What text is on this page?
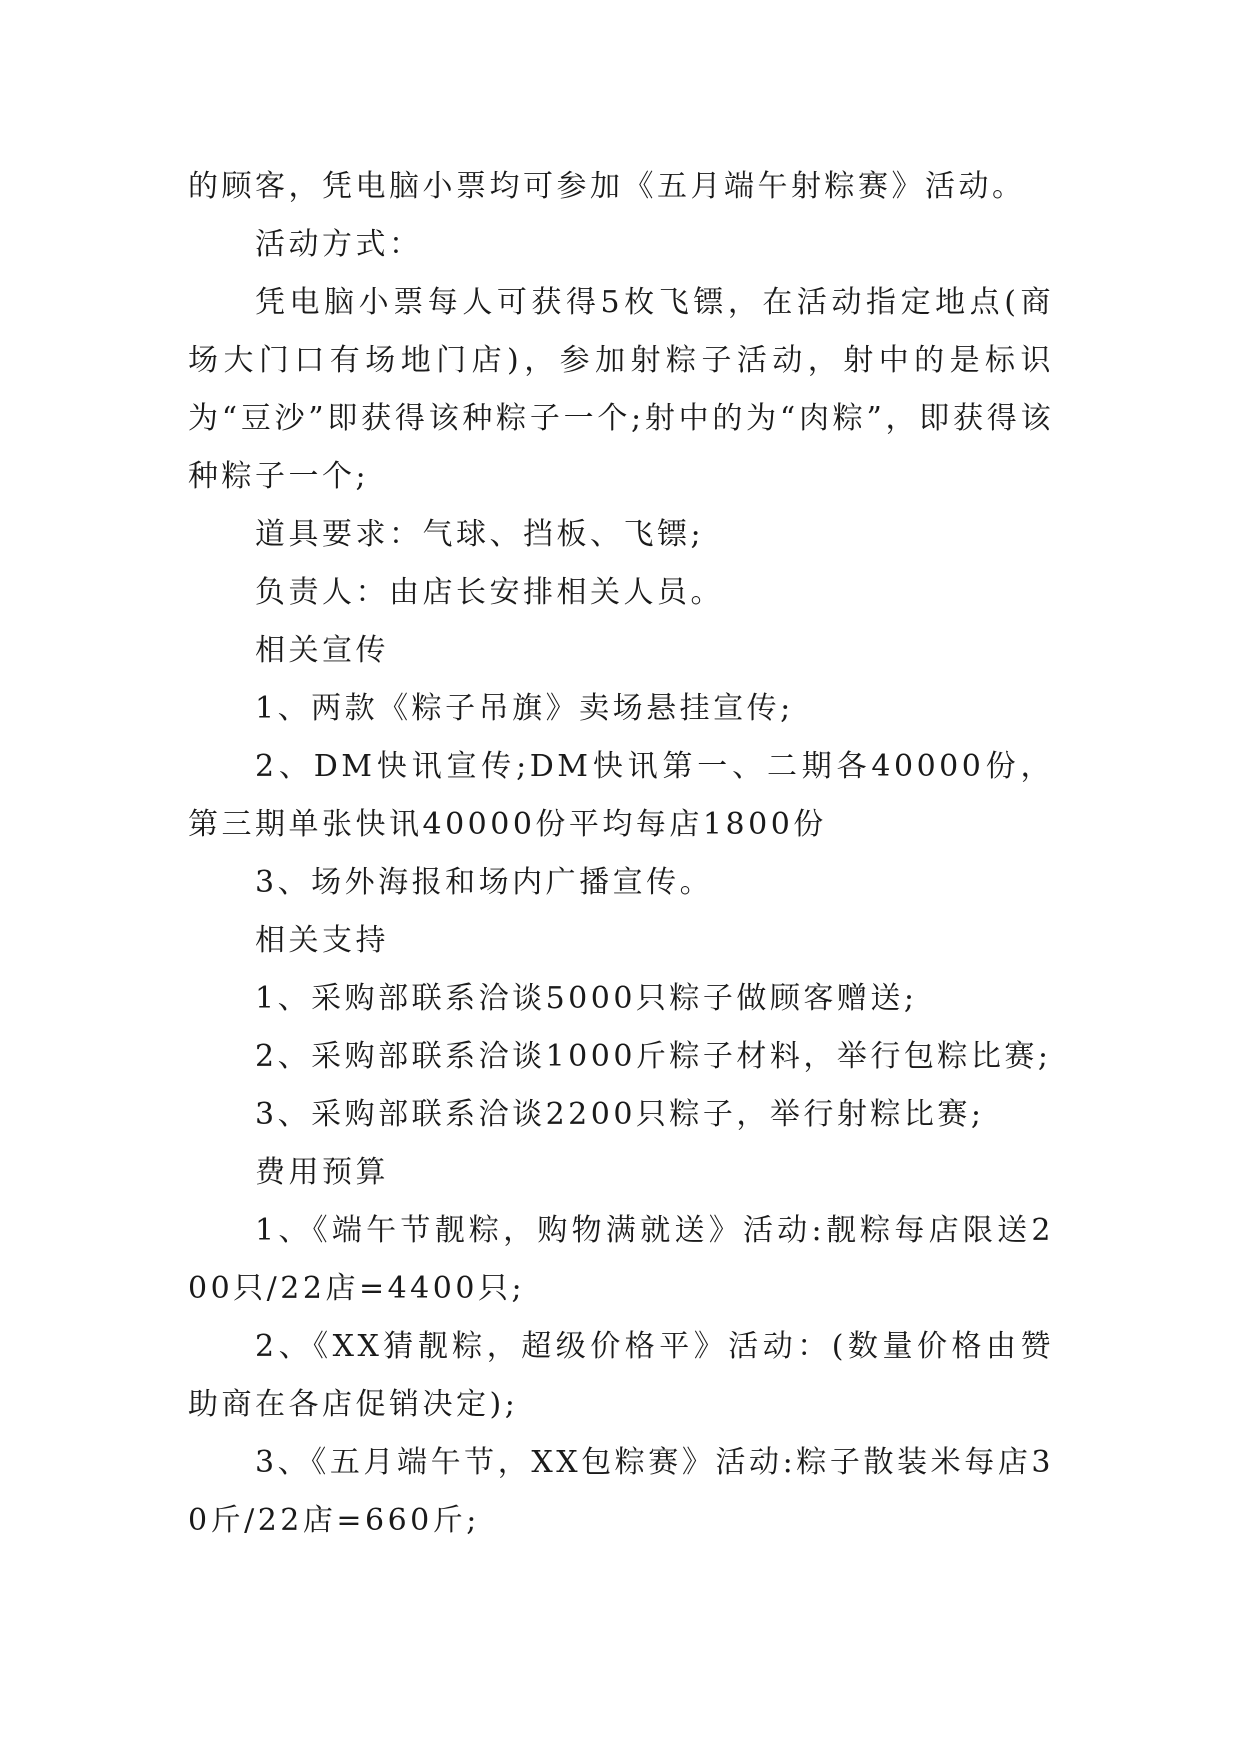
的顾客，凭电脑小票均可参加《五月端午射粽赛》活动。

活动方式：

凭电脑小票每人可获得5枚飞镖，在活动指定地点(商场大门口有场地门店)，参加射粽子活动，射中的是标识为“豆沙”即获得该种粽子一个;射中的为“肉粽”，即获得该种粽子一个;

道具要求：气球、挡板、飞镖;

负责人：由店长安排相关人员。

相关宣传

1、两款《粽子吊旗》卖场悬挂宣传;

2、DM快讯宣传;DM快讯第一、二期各40000份，第三期单张快讯40000份平均每店1800份

3、场外海报和场内广播宣传。

相关支持

1、采购部联系洽谈5000只粽子做顾客赠送;

2、采购部联系洽谈1000斤粽子材料，举行包粽比赛;

3、采购部联系洽谈2200只粽子，举行射粽比赛;

费用预算

1、《端午节靓粽，购物满就送》活动:靓粽每店限送200只/22店=4400只;

2、《XX猜靓粽，超级价格平》活动：(数量价格由赞助商在各店促销决定);

3、《五月端午节，XX包粽赛》活动:粽子散装米每店30斤/22店=660斤;
